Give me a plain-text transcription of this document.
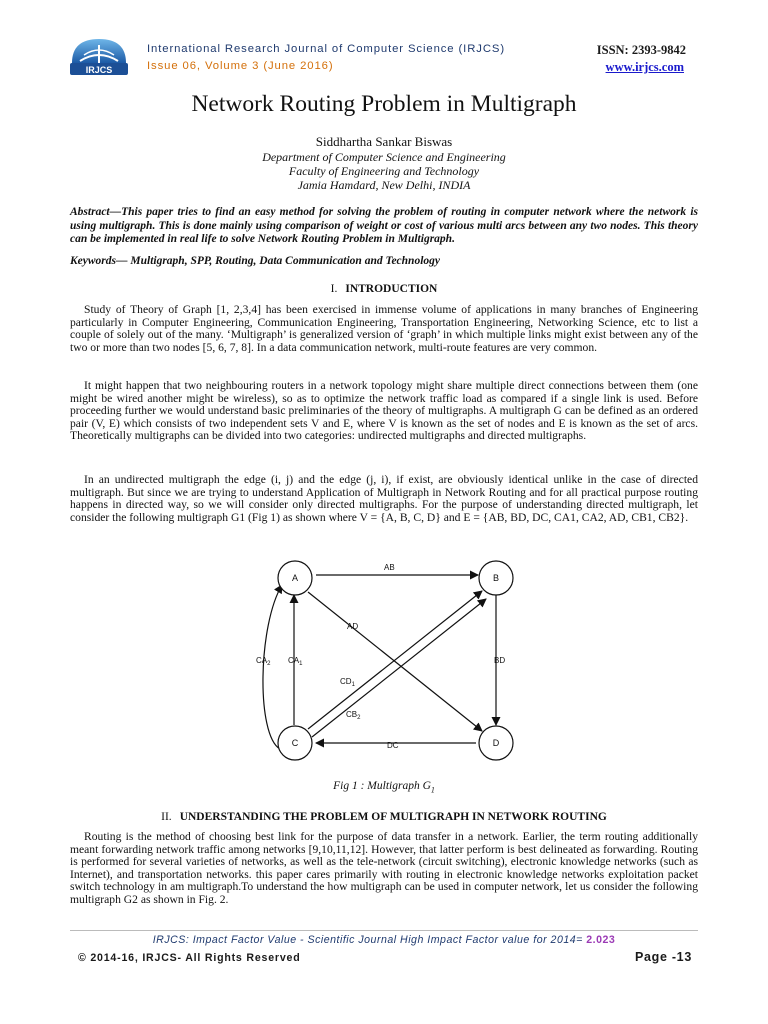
IRJCS
International Research Journal of Computer Science (IRJCS)
Issue 06, Volume 3 (June 2016)
ISSN: 2393-9842
www.irjcs.com
Network Routing Problem in Multigraph
Siddhartha Sankar Biswas
Department of Computer Science and Engineering
Faculty of Engineering and Technology
Jamia Hamdard, New Delhi, INDIA

Abstract—This paper tries to find an easy method for solving the problem of routing in computer network where the network is using multigraph. This is done mainly using comparison of weight or cost of various multi arcs between any two nodes. This theory can be implemented in real life to solve Network Routing Problem in Multigraph.

Keywords— Multigraph, SPP, Routing, Data Communication and Technology

I. INTRODUCTION

Study of Theory of Graph [1, 2,3,4] has been exercised in immense volume of applications in many branches of Engineering particularly in Computer Engineering, Communication Engineering, Transportation Engineering, Networking Science, etc to list a couple of solely out of the many. ‘Multigraph’ is generalized version of ‘graph’ in which multiple links might exist between any of the two or more than two nodes [5, 6, 7, 8]. In a data communication network, multi-route features are very common.

It might happen that two neighbouring routers in a network topology might share multiple direct connections between them (one might be wired another might be wireless), so as to optimize the network traffic load as compared if a single link is used. Before proceeding further we would understand basic preliminaries of the theory of multigraphs. A multigraph G can be defined as an ordered pair (V, E) which consists of two independent sets V and E, where V is known as the set of nodes and E is known as the set of arcs. Theoretically multigraphs can be divided into two categories: undirected multigraphs and directed multigraphs.

In an undirected multigraph the edge (i, j) and the edge (j, i), if exist, are obviously identical unlike in the case of directed multigraph. But since we are trying to understand Application of Multigraph in Network Routing and for all practical purpose routing happens in directed way, so we will consider only directed multigraphs. For the purpose of understanding directed multigraph, let consider the following multigraph G1 (Fig 1) as shown where V = {A, B, C, D} and E = {AB, BD, DC, CA1, CA2, AD, CB1, CB2}.

A	B
C	D
AB
AD
BD
DC
$CA_1$
$CA_2$
$CD_1$
$CB_2$
Fig 1 : Multigraph $G_1$
II. UNDERSTANDING THE PROBLEM OF MULTIGRAPH IN NETWORK ROUTING

Routing is the method of choosing best link for the purpose of data transfer in a network. Earlier, the term routing additionally meant forwarding network traffic among networks [9,10,11,12]. However, that latter perform is best delineated as forwarding. Routing is performed for several varieties of networks, as well as the tele-network (circuit switching), electronic knowledge networks (such as Internet), and transportation networks. this paper cares primarily with routing in electronic knowledge networks exploitation packet switch technology in am multigraph.To understand the how multigraph can be used in computer network, let us consider the following multigraph G2 as shown in Fig. 2.

IRJCS: Impact Factor Value - Scientific Journal High Impact Factor value for 2014= 2.023
© 2014-16, IRJCS- All Rights Reserved	Page -13
